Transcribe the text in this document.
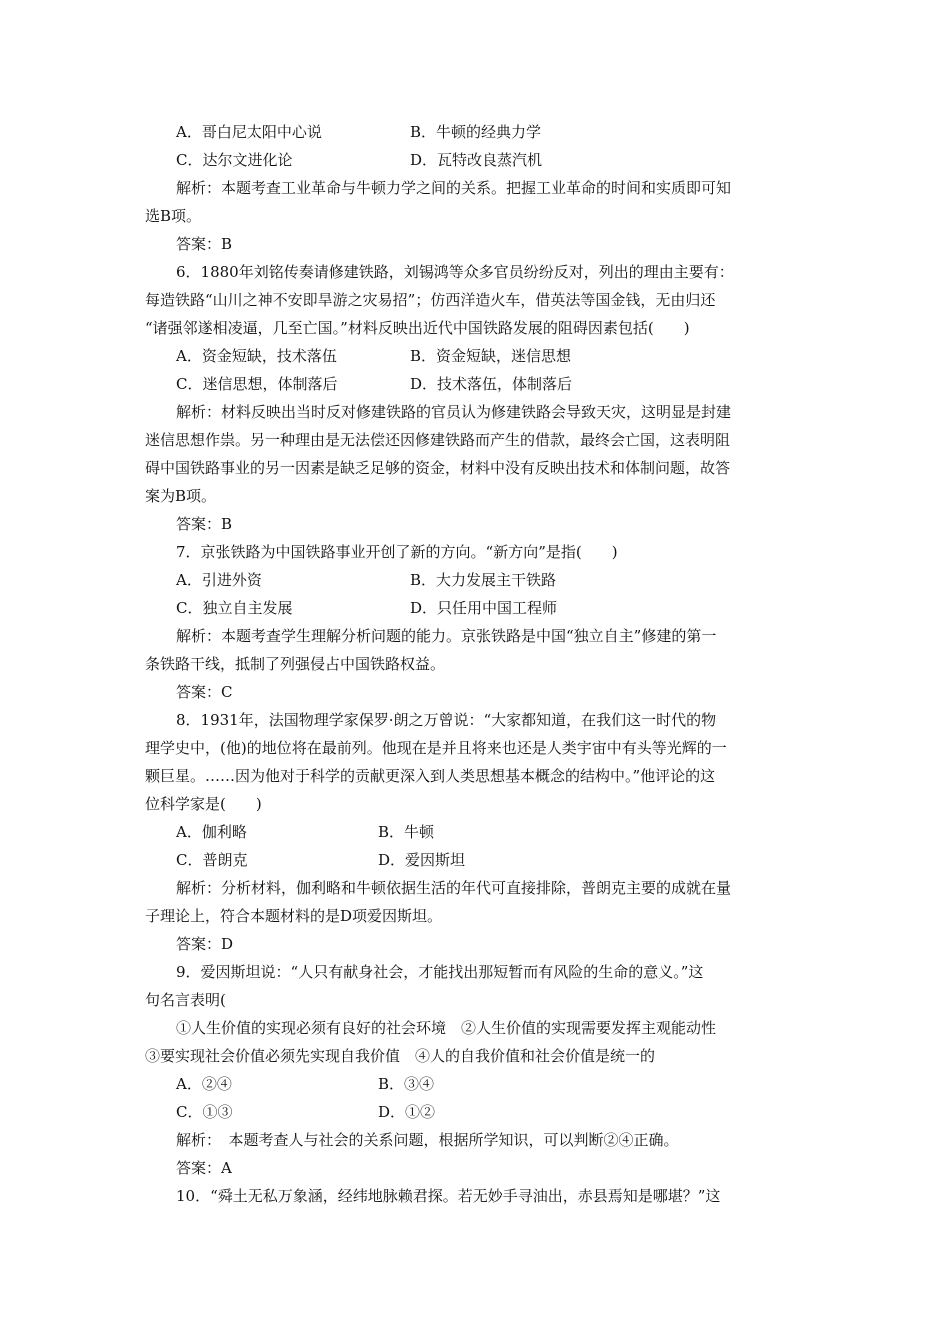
A．哥白尼太阳中心说	B．牛顿的经典力学
C．达尔文进化论	D．瓦特改良蒸汽机
解析：本题考查工业革命与牛顿力学之间的关系。把握工业革命的时间和实质即可知
选B项。
答案：B
6．1880年刘铭传奏请修建铁路，刘锡鸿等众多官员纷纷反对，列出的理由主要有：
每造铁路“山川之神不安即旱游之灾易招”；仿西洋造火车，借英法等国金钱，无由归还
“诸强邻遂相凌逼，几至亡国。”材料反映出近代中国铁路发展的阻碍因素包括(　　)
A．资金短缺，技术落伍	B．资金短缺，迷信思想
C．迷信思想，体制落后	D．技术落伍，体制落后
解析：材料反映出当时反对修建铁路的官员认为修建铁路会导致天灾，这明显是封建
迷信思想作祟。另一种理由是无法偿还因修建铁路而产生的借款，最终会亡国，这表明阻
碍中国铁路事业的另一因素是缺乏足够的资金，材料中没有反映出技术和体制问题，故答
案为B项。
答案：B
7．京张铁路为中国铁路事业开创了新的方向。“新方向”是指(　　)
A．引进外资	B．大力发展主干铁路
C．独立自主发展	D．只任用中国工程师
解析：本题考查学生理解分析问题的能力。京张铁路是中国“独立自主”修建的第一
条铁路干线，抵制了列强侵占中国铁路权益。
答案：C
8．1931年，法国物理学家保罗·朗之万曾说：“大家都知道，在我们这一时代的物
理学史中，(他)的地位将在最前列。他现在是并且将来也还是人类宇宙中有头等光辉的一
颗巨星。……因为他对于科学的贡献更深入到人类思想基本概念的结构中。”他评论的这
位科学家是(　　)
A．伽利略	B．牛顿
C．普朗克	D．爱因斯坦
解析：分析材料，伽利略和牛顿依据生活的年代可直接排除，普朗克主要的成就在量
子理论上，符合本题材料的是D项爱因斯坦。
答案：D
9．爱因斯坦说：“人只有献身社会，才能找出那短暂而有风险的生命的意义。”这
句名言表明(
①人生价值的实现必须有良好的社会环境　②人生价值的实现需要发挥主观能动性
③要实现社会价值必须先实现自我价值　④人的自我价值和社会价值是统一的
A．②④	B．③④
C．①③	D．①②
解析：　本题考查人与社会的关系问题，根据所学知识，可以判断②④正确。
答案：A
10．“舜土无私万象涵，经纬地脉赖君探。若无妙手寻油出，赤县焉知是哪堪？”这
